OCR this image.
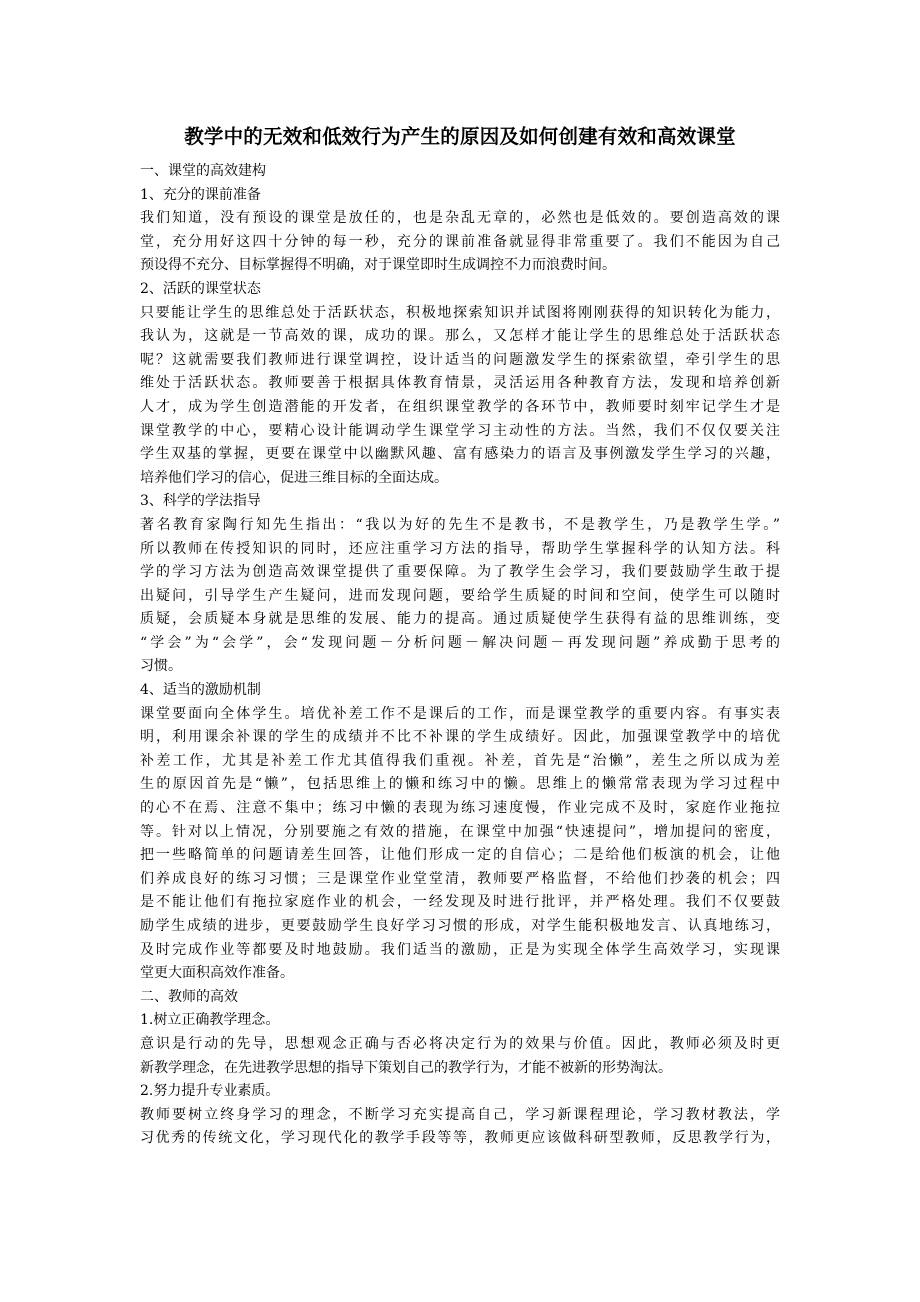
教学中的无效和低效行为产生的原因及如何创建有效和高效课堂
一、课堂的高效建构
1、充分的课前准备
我们知道，没有预设的课堂是放任的，也是杂乱无章的，必然也是低效的。要创造高效的课
堂，充分用好这四十分钟的每一秒，充分的课前准备就显得非常重要了。我们不能因为自己
预设得不充分、目标掌握得不明确，对于课堂即时生成调控不力而浪费时间。
2、活跃的课堂状态
只要能让学生的思维总处于活跃状态，积极地探索知识并试图将刚刚获得的知识转化为能力，
我认为，这就是一节高效的课，成功的课。那么，又怎样才能让学生的思维总处于活跃状态
呢？这就需要我们教师进行课堂调控，设计适当的问题激发学生的探索欲望，牵引学生的思
维处于活跃状态。教师要善于根据具体教育情景，灵活运用各种教育方法，发现和培养创新
人才，成为学生创造潜能的开发者，在组织课堂教学的各环节中，教师要时刻牢记学生才是
课堂教学的中心，要精心设计能调动学生课堂学习主动性的方法。当然，我们不仅仅要关注
学生双基的掌握，更要在课堂中以幽默风趣、富有感染力的语言及事例激发学生学习的兴趣，
培养他们学习的信心，促进三维目标的全面达成。
3、科学的学法指导
著名教育家陶行知先生指出：“我以为好的先生不是教书，不是教学生，乃是教学生学。”
所以教师在传授知识的同时，还应注重学习方法的指导，帮助学生掌握科学的认知方法。科
学的学习方法为创造高效课堂提供了重要保障。为了教学生会学习，我们要鼓励学生敢于提
出疑问，引导学生产生疑问，进而发现问题，要给学生质疑的时间和空间，使学生可以随时
质疑，会质疑本身就是思维的发展、能力的提高。通过质疑使学生获得有益的思维训练，变
“学会”为“会学”，会“发现问题－分析问题－解决问题－再发现问题”养成勤于思考的
习惯。
4、适当的激励机制
课堂要面向全体学生。培优补差工作不是课后的工作，而是课堂教学的重要内容。有事实表
明，利用课余补课的学生的成绩并不比不补课的学生成绩好。因此，加强课堂教学中的培优
补差工作，尤其是补差工作尤其值得我们重视。补差，首先是“治懒”，差生之所以成为差
生的原因首先是“懒”，包括思维上的懒和练习中的懒。思维上的懒常常表现为学习过程中
的心不在焉、注意不集中；练习中懒的表现为练习速度慢，作业完成不及时，家庭作业拖拉
等。针对以上情况，分别要施之有效的措施，在课堂中加强“快速提问”，增加提问的密度，
把一些略简单的问题请差生回答，让他们形成一定的自信心；二是给他们板演的机会，让他
们养成良好的练习习惯；三是课堂作业堂堂清，教师要严格监督，不给他们抄袭的机会；四
是不能让他们有拖拉家庭作业的机会，一经发现及时进行批评，并严格处理。我们不仅要鼓
励学生成绩的进步，更要鼓励学生良好学习习惯的形成，对学生能积极地发言、认真地练习，
及时完成作业等都要及时地鼓励。我们适当的激励，正是为实现全体学生高效学习，实现课
堂更大面积高效作准备。
二、教师的高效
1.树立正确教学理念。
意识是行动的先导，思想观念正确与否必将决定行为的效果与价值。因此，教师必须及时更
新教学理念，在先进教学思想的指导下策划自己的教学行为，才能不被新的形势淘汰。
2.努力提升专业素质。
教师要树立终身学习的理念，不断学习充实提高自己，学习新课程理论，学习教材教法，学
习优秀的传统文化，学习现代化的教学手段等等，教师更应该做科研型教师，反思教学行为，
